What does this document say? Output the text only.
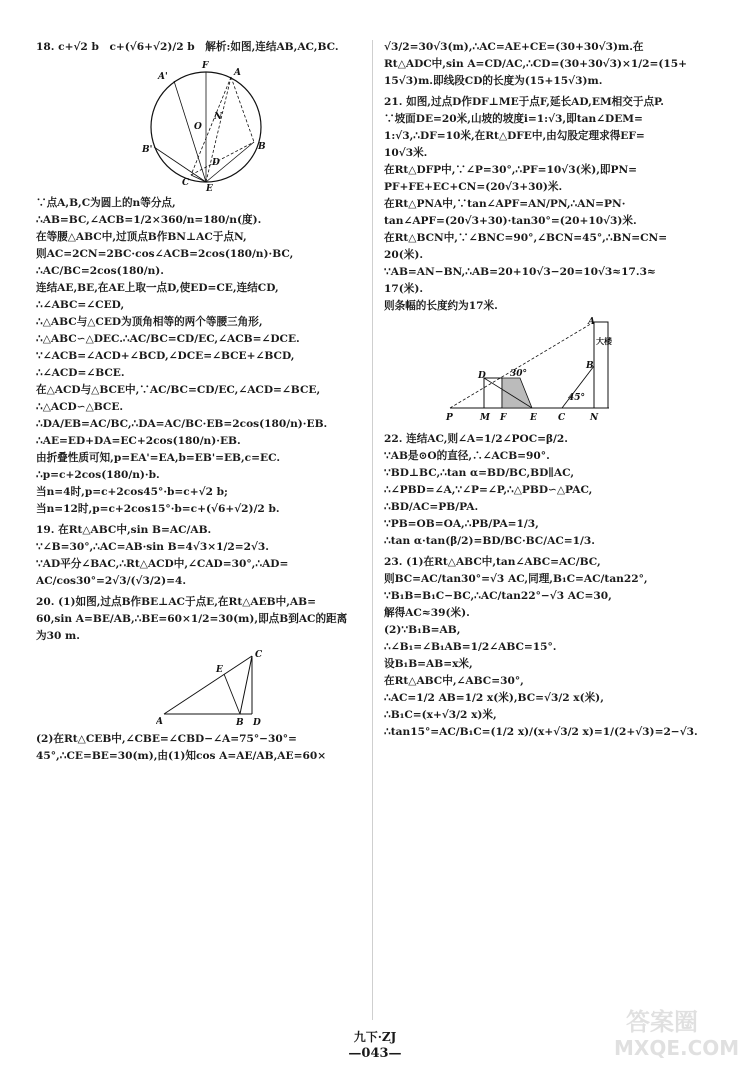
18. c+√2 b　c+(√6+√2)/2 b　解析:如图,连结AB,AC,BC.
F
A'	A
O
N
B'
D
B
C
E
∵点A,B,C为圆上的n等分点,
∴AB=BC,∠ACB=1/2×360/n=180/n(度).
在等腰△ABC中,过顶点B作BN⊥AC于点N,
则AC=2CN=2BC·cos∠ACB=2cos(180/n)·BC,
∴AC/BC=2cos(180/n).
连结AE,BE,在AE上取一点D,使ED=CE,连结CD,
∴∠ABC=∠CED,
∴△ABC与△CED为顶角相等的两个等腰三角形,
∴△ABC∽△DEC.∴AC/BC=CD/EC,∠ACB=∠DCE.
∵∠ACB=∠ACD+∠BCD,∠DCE=∠BCE+∠BCD,
∴∠ACD=∠BCE.
在△ACD与△BCE中,∵AC/BC=CD/EC,∠ACD=∠BCE,
∴△ACD∽△BCE.
∴DA/EB=AC/BC,∴DA=AC/BC·EB=2cos(180/n)·EB.
∴AE=ED+DA=EC+2cos(180/n)·EB.
由折叠性质可知,p=EA'=EA,b=EB'=EB,c=EC.
∴p=c+2cos(180/n)·b.
当n=4时,p=c+2cos45°·b=c+√2 b;
当n=12时,p=c+2cos15°·b=c+(√6+√2)/2 b.
19. 在Rt△ABC中,sin B=AC/AB.
∵∠B=30°,∴AC=AB·sin B=4√3×1/2=2√3.
∵AD平分∠BAC,∴Rt△ACD中,∠CAD=30°,∴AD=
AC/cos30°=2√3/(√3/2)=4.
20. (1)如图,过点B作BE⊥AC于点E,在Rt△AEB中,AB=
60,sin A=BE/AB,∴BE=60×1/2=30(m),即点B到AC的距离
为30 m.
C
E
A	B D
(2)在Rt△CEB中,∠CBE=∠CBD−∠A=75°−30°=
45°,∴CE=BE=30(m),由(1)知cos A=AE/AB,AE=60×
√3/2=30√3(m),∴AC=AE+CE=(30+30√3)m.在
Rt△ADC中,sin A=CD/AC,∴CD=(30+30√3)×1/2=(15+
15√3)m.即线段CD的长度为(15+15√3)m.
21. 如图,过点D作DF⊥ME于点F,延长AD,EM相交于点P.
∵坡面DE=20米,山坡的坡度i=1:√3,即tan∠DEM=
1:√3,∴DF=10米,在Rt△DFE中,由勾股定理求得EF=
10√3米.
在Rt△DFP中,∵∠P=30°,∴PF=10√3(米),即PN=
PF+FE+EC+CN=(20√3+30)米.
在Rt△PNA中,∵tan∠APF=AN/PN,∴AN=PN·
tan∠APF=(20√3+30)·tan30°=(20+10√3)米.
在Rt△BCN中,∵∠BNC=90°,∠BCN=45°,∴BN=CN=
20(米).
∵AB=AN−BN,∴AB=20+10√3−20=10√3≈17.3≈
17(米).
则条幅的长度约为17米.
A
大楼
B
D	30°
45°
P	M F	E C	N
22. 连结AC,则∠A=1/2∠POC=β/2.
∵AB是⊙O的直径,∴∠ACB=90°.
∵BD⊥BC,∴tan α=BD/BC,BD∥AC,
∴∠PBD=∠A,∵∠P=∠P,∴△PBD∽△PAC,
∴BD/AC=PB/PA.
∵PB=OB=OA,∴PB/PA=1/3,
∴tan α·tan(β/2)=BD/BC·BC/AC=1/3.
23. (1)在Rt△ABC中,tan∠ABC=AC/BC,
则BC=AC/tan30°=√3 AC,同理,B₁C=AC/tan22°,
∵B₁B=B₁C−BC,∴AC/tan22°−√3 AC=30,
解得AC≈39(米).
(2)∵B₁B=AB,
∴∠B₁=∠B₁AB=1/2∠ABC=15°.
设B₁B=AB=x米,
在Rt△ABC中,∠ABC=30°,
∴AC=1/2 AB=1/2 x(米),BC=√3/2 x(米),
∴B₁C=(x+√3/2 x)米,
∴tan15°=AC/B₁C=(1/2 x)/(x+√3/2 x)=1/(2+√3)=2−√3.
九下·ZJ
—043—
答案圈
MXQE.COM
